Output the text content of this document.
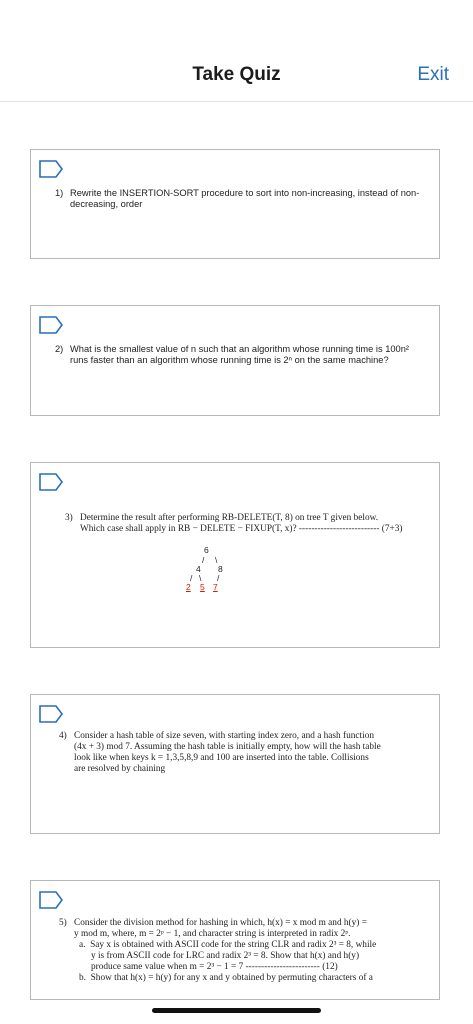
Take Quiz	Exit
1) Rewrite the INSERTION-SORT procedure to sort into non-increasing, instead of non-
decreasing, order
2) What is the smallest value of n such that an algorithm whose running time is 100n²
runs faster than an algorithm whose running time is 2ⁿ on the same machine?
3) Determine the result after performing RB-DELETE(T, 8) on tree T given below.
Which case shall apply in RB − DELETE − FIXUP(T, x)? -------------------------- (7+3)
6
/ \
4 8
/ \ /
2 5 7
4) Consider a hash table of size seven, with starting index zero, and a hash function
(4x + 3) mod 7. Assuming the hash table is initially empty, how will the hash table
look like when keys k = 1,3,5,8,9 and 100 are inserted into the table. Collisions
are resolved by chaining
5) Consider the division method for hashing in which, h(x) = x mod m and h(y) =
y mod m, where, m = 2ᵖ − 1, and character string is interpreted in radix 2ᵖ.
a. Say x is obtained with ASCII code for the string CLR and radix 2³ = 8, while
y is from ASCII code for LRC and radix 2³ = 8. Show that h(x) and h(y)
produce same value when m = 2³ − 1 = 7 ------------------------ (12)
b. Show that h(x) = h(y) for any x and y obtained by permuting characters of a
